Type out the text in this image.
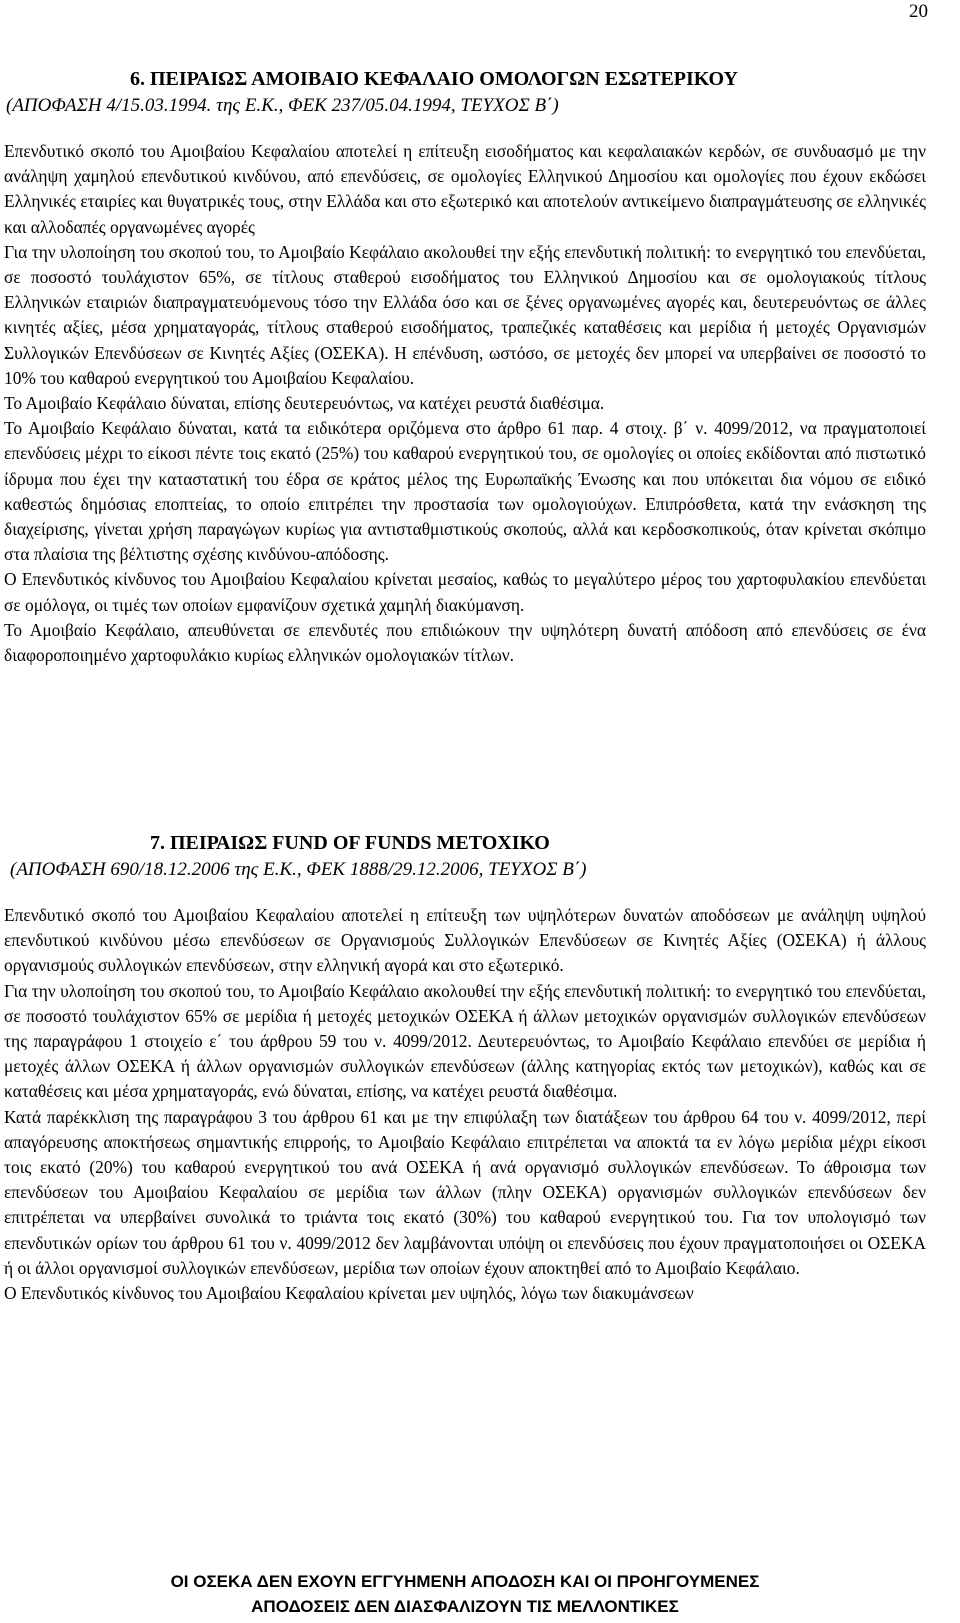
20
6. ΠΕΙΡΑΙΩΣ ΑΜΟΙΒΑΙΟ ΚΕΦΑΛΑΙΟ ΟΜΟΛΟΓΩΝ ΕΣΩΤΕΡΙΚΟΥ
(ΑΠΟΦΑΣΗ 4/15.03.1994. της Ε.Κ., ΦΕΚ 237/05.04.1994, ΤΕΥΧΟΣ Β΄)

Επενδυτικό σκοπό του Αμοιβαίου Κεφαλαίου αποτελεί η επίτευξη εισοδήματος και κεφαλαιακών κερδών, σε συνδυασμό με την ανάληψη χαμηλού επενδυτικού κινδύνου, από επενδύσεις, σε ομολογίες Ελληνικού Δημοσίου και ομολογίες που έχουν εκδώσει Ελληνικές εταιρίες και θυγατρικές τους, στην Ελλάδα και στο εξωτερικό και αποτελούν αντικείμενο διαπραγμάτευσης σε ελληνικές και αλλοδαπές οργανωμένες αγορές

Για την υλοποίηση του σκοπού του, το Αμοιβαίο Κεφάλαιο ακολουθεί την εξής επενδυτική πολιτική: το ενεργητικό του επενδύεται, σε ποσοστό τουλάχιστον 65%, σε τίτλους σταθερού εισοδήματος του Ελληνικού Δημοσίου και σε ομολογιακούς τίτλους Ελληνικών εταιριών διαπραγματευόμενους τόσο την Ελλάδα όσο και σε ξένες οργανωμένες αγορές και, δευτερευόντως σε άλλες κινητές αξίες, μέσα χρηματαγοράς, τίτλους σταθερού εισοδήματος, τραπεζικές καταθέσεις και μερίδια ή μετοχές Οργανισμών Συλλογικών Επενδύσεων σε Κινητές Αξίες (ΟΣΕΚΑ). Η επένδυση, ωστόσο, σε μετοχές δεν μπορεί να υπερβαίνει σε ποσοστό το 10% του καθαρού ενεργητικού του Αμοιβαίου Κεφαλαίου.

Το Αμοιβαίο Κεφάλαιο δύναται, επίσης δευτερευόντως, να κατέχει ρευστά διαθέσιμα.

Το Αμοιβαίο Κεφάλαιο δύναται, κατά τα ειδικότερα οριζόμενα στο άρθρο 61 παρ. 4 στοιχ. β΄ ν. 4099/2012, να πραγματοποιεί επενδύσεις μέχρι το είκοσι πέντε τοις εκατό (25%) του καθαρού ενεργητικού του, σε ομολογίες οι οποίες εκδίδονται από πιστωτικό ίδρυμα που έχει την καταστατική του έδρα σε κράτος μέλος της Ευρωπαϊκής Ένωσης και που υπόκειται δια νόμου σε ειδικό καθεστώς δημόσιας εποπτείας, το οποίο επιτρέπει την προστασία των ομολογιούχων. Επιπρόσθετα, κατά την ενάσκηση της διαχείρισης, γίνεται χρήση παραγώγων κυρίως για αντισταθμιστικούς σκοπούς, αλλά και κερδοσκοπικούς, όταν κρίνεται σκόπιμο στα πλαίσια της βέλτιστης σχέσης κινδύνου-απόδοσης.

Ο Επενδυτικός κίνδυνος του Αμοιβαίου Κεφαλαίου κρίνεται μεσαίος, καθώς το μεγαλύτερο μέρος του χαρτοφυλακίου επενδύεται σε ομόλογα, οι τιμές των οποίων εμφανίζουν σχετικά χαμηλή διακύμανση.

Το Αμοιβαίο Κεφάλαιο, απευθύνεται σε επενδυτές που επιδιώκουν την υψηλότερη δυνατή απόδοση από επενδύσεις σε ένα διαφοροποιημένο χαρτοφυλάκιο κυρίως ελληνικών ομολογιακών τίτλων.

7. ΠΕΙΡΑΙΩΣ FUND OF FUNDS ΜΕΤΟΧΙΚΟ
(ΑΠΟΦΑΣΗ 690/18.12.2006 της Ε.Κ., ΦΕΚ 1888/29.12.2006, ΤΕΥΧΟΣ Β΄)

Επενδυτικό σκοπό του Αμοιβαίου Κεφαλαίου αποτελεί η επίτευξη των υψηλότερων δυνατών αποδόσεων με ανάληψη υψηλού επενδυτικού κινδύνου μέσω επενδύσεων σε Οργανισμούς Συλλογικών Επενδύσεων σε Κινητές Αξίες (ΟΣΕΚΑ) ή άλλους οργανισμούς συλλογικών επενδύσεων, στην ελληνική αγορά και στο εξωτερικό.

Για την υλοποίηση του σκοπού του, το Αμοιβαίο Κεφάλαιο ακολουθεί την εξής επενδυτική πολιτική: το ενεργητικό του επενδύεται, σε ποσοστό τουλάχιστον 65% σε μερίδια ή μετοχές μετοχικών ΟΣΕΚΑ ή άλλων μετοχικών οργανισμών συλλογικών επενδύσεων της παραγράφου 1 στοιχείο ε΄ του άρθρου 59 του ν. 4099/2012. Δευτερευόντως, το Αμοιβαίο Κεφάλαιο επενδύει σε μερίδια ή μετοχές άλλων ΟΣΕΚΑ ή άλλων οργανισμών συλλογικών επενδύσεων (άλλης κατηγορίας εκτός των μετοχικών), καθώς και σε καταθέσεις και μέσα χρηματαγοράς, ενώ δύναται, επίσης, να κατέχει ρευστά διαθέσιμα.

Κατά παρέκκλιση της παραγράφου 3 του άρθρου 61 και με την επιφύλαξη των διατάξεων του άρθρου 64 του ν. 4099/2012, περί απαγόρευσης αποκτήσεως σημαντικής επιρροής, το Αμοιβαίο Κεφάλαιο επιτρέπεται να αποκτά τα εν λόγω μερίδια μέχρι είκοσι τοις εκατό (20%) του καθαρού ενεργητικού του ανά ΟΣΕΚΑ ή ανά οργανισμό συλλογικών επενδύσεων. Το άθροισμα των επενδύσεων του Αμοιβαίου Κεφαλαίου σε μερίδια των άλλων (πλην ΟΣΕΚΑ) οργανισμών συλλογικών επενδύσεων δεν επιτρέπεται να υπερβαίνει συνολικά το τριάντα τοις εκατό (30%) του καθαρού ενεργητικού του. Για τον υπολογισμό των επενδυτικών ορίων του άρθρου 61 του ν. 4099/2012 δεν λαμβάνονται υπόψη οι επενδύσεις που έχουν πραγματοποιήσει οι ΟΣΕΚΑ ή οι άλλοι οργανισμοί συλλογικών επενδύσεων, μερίδια των οποίων έχουν αποκτηθεί από το Αμοιβαίο Κεφάλαιο.

Ο Επενδυτικός κίνδυνος του Αμοιβαίου Κεφαλαίου κρίνεται μεν υψηλός, λόγω των διακυμάνσεων

ΟΙ ΟΣΕΚΑ ΔΕΝ ΕΧΟΥΝ ΕΓΓΥΗΜΕΝΗ ΑΠΟΔΟΣΗ ΚΑΙ ΟΙ ΠΡΟΗΓΟΥΜΕΝΕΣ
ΑΠΟΔΟΣΕΙΣ ΔΕΝ ΔΙΑΣΦΑΛΙΖΟΥΝ ΤΙΣ ΜΕΛΛΟΝΤΙΚΕΣ
